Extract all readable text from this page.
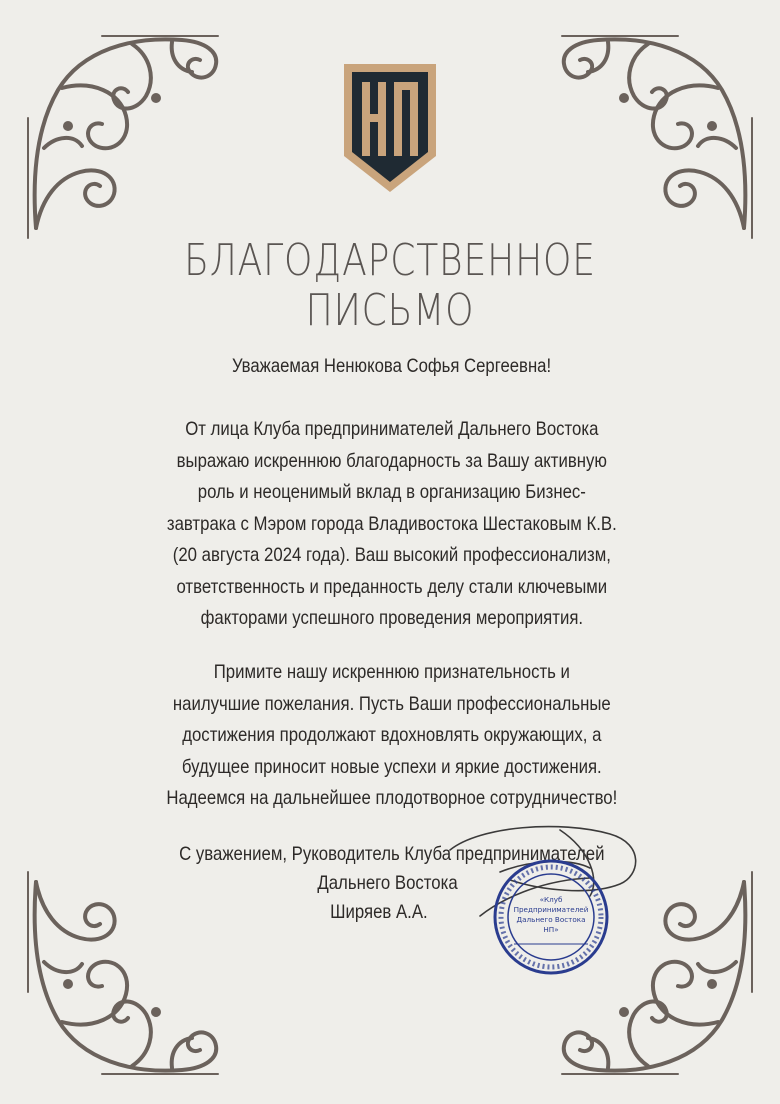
БЛАГОДАРСТВЕННОЕ
ПИСЬМО
Уважаемая Ненюкова Софья Сергеевна!
От лица Клуба предпринимателей Дальнего Востока
выражаю искреннюю благодарность за Вашу активную
роль и неоценимый вклад в организацию Бизнес-
завтрака с Мэром города Владивостока Шестаковым К.В.
(20 августа 2024 года). Ваш высокий профессионализм,
ответственность и преданность делу стали ключевыми
факторами успешного проведения мероприятия.
Примите нашу искреннюю признательность и
наилучшие пожелания. Пусть Ваши профессиональные
достижения продолжают вдохновлять окружающих, а
будущее приносит новые успехи и яркие достижения.
Надеемся на дальнейшее плодотворное сотрудничество!
С уважением, Руководитель Клуба предпринимателей
Дальнего Востока
Ширяев А.А.
«Клуб
Предпринимателей
Дальнего Востока
НП»
